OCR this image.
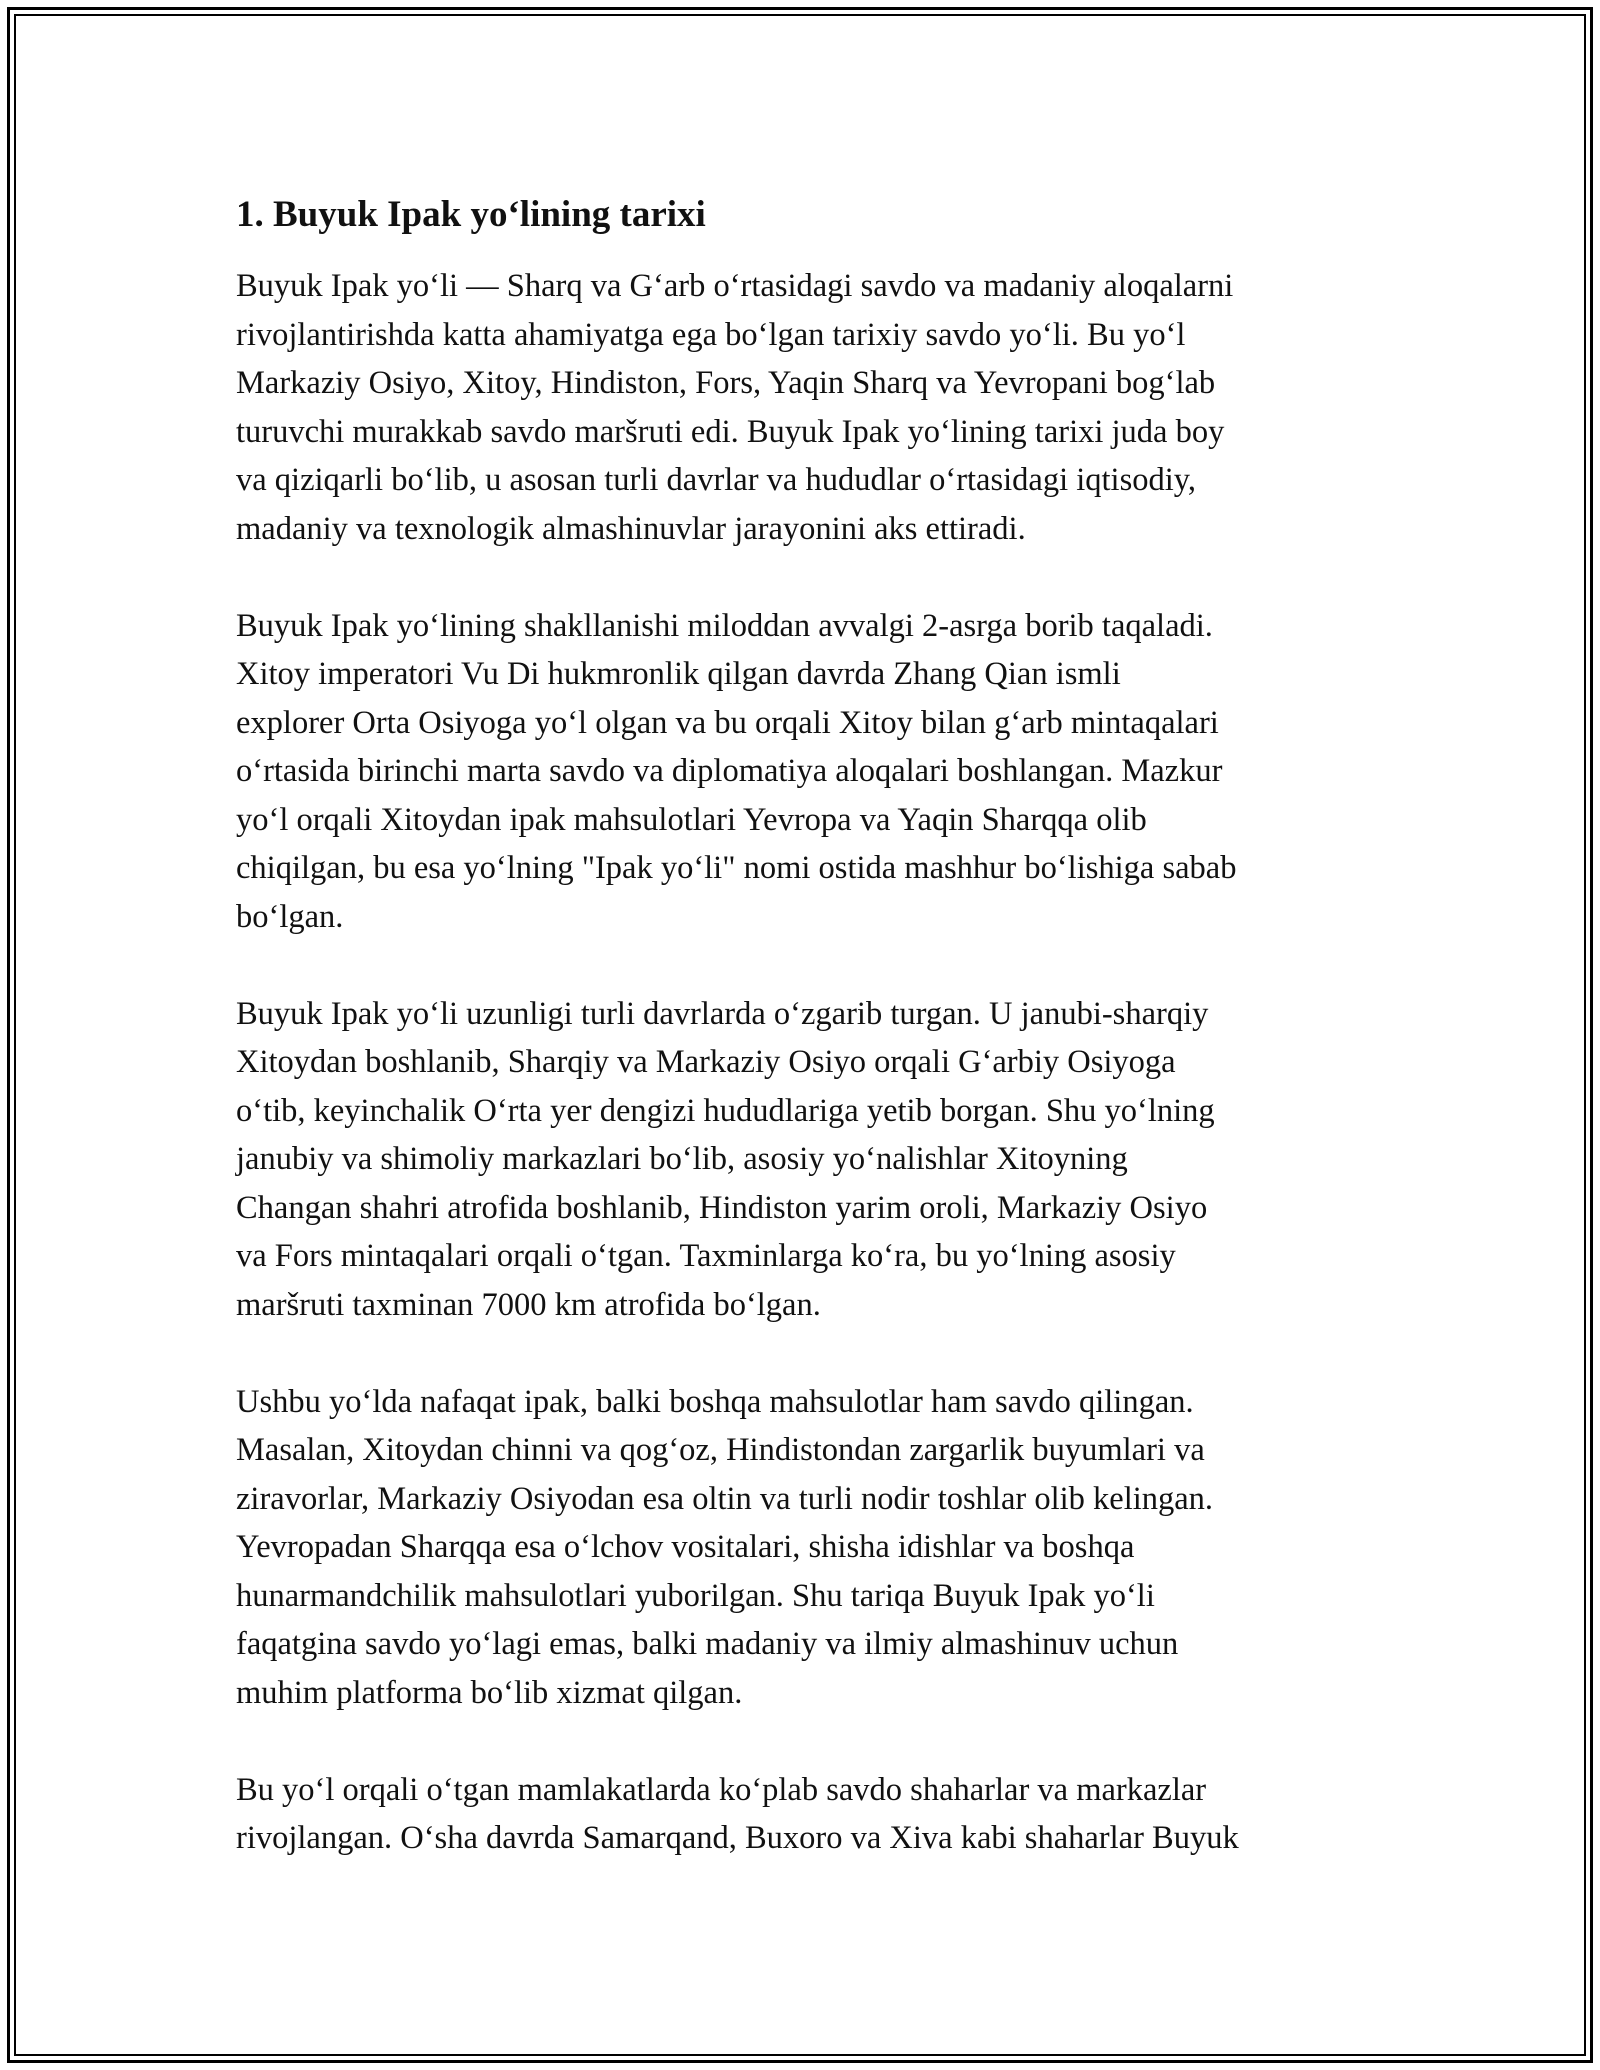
1. Buyuk Ipak yo‘lining tarixi

Buyuk Ipak yo‘li — Sharq va G‘arb o‘rtasidagi savdo va madaniy aloqalarni
rivojlantirishda katta ahamiyatga ega bo‘lgan tarixiy savdo yo‘li. Bu yo‘l
Markaziy Osiyo, Xitoy, Hindiston, Fors, Yaqin Sharq va Yevropani bog‘lab
turuvchi murakkab savdo maršruti edi. Buyuk Ipak yo‘lining tarixi juda boy
va qiziqarli bo‘lib, u asosan turli davrlar va hududlar o‘rtasidagi iqtisodiy,
madaniy va texnologik almashinuvlar jarayonini aks ettiradi.

Buyuk Ipak yo‘lining shakllanishi miloddan avvalgi 2-asrga borib taqaladi.
Xitoy imperatori Vu Di hukmronlik qilgan davrda Zhang Qian ismli
explorer Orta Osiyoga yo‘l olgan va bu orqali Xitoy bilan g‘arb mintaqalari
o‘rtasida birinchi marta savdo va diplomatiya aloqalari boshlangan. Mazkur
yo‘l orqali Xitoydan ipak mahsulotlari Yevropa va Yaqin Sharqqa olib
chiqilgan, bu esa yo‘lning "Ipak yo‘li" nomi ostida mashhur bo‘lishiga sabab
bo‘lgan.

Buyuk Ipak yo‘li uzunligi turli davrlarda o‘zgarib turgan. U janubi-sharqiy
Xitoydan boshlanib, Sharqiy va Markaziy Osiyo orqali G‘arbiy Osiyoga
o‘tib, keyinchalik O‘rta yer dengizi hududlariga yetib borgan. Shu yo‘lning
janubiy va shimoliy markazlari bo‘lib, asosiy yo‘nalishlar Xitoyning
Changan shahri atrofida boshlanib, Hindiston yarim oroli, Markaziy Osiyo
va Fors mintaqalari orqali o‘tgan. Taxminlarga ko‘ra, bu yo‘lning asosiy
maršruti taxminan 7000 km atrofida bo‘lgan.

Ushbu yo‘lda nafaqat ipak, balki boshqa mahsulotlar ham savdo qilingan.
Masalan, Xitoydan chinni va qog‘oz, Hindistondan zargarlik buyumlari va
ziravorlar, Markaziy Osiyodan esa oltin va turli nodir toshlar olib kelingan.
Yevropadan Sharqqa esa o‘lchov vositalari, shisha idishlar va boshqa
hunarmandchilik mahsulotlari yuborilgan. Shu tariqa Buyuk Ipak yo‘li
faqatgina savdo yo‘lagi emas, balki madaniy va ilmiy almashinuv uchun
muhim platforma bo‘lib xizmat qilgan.

Bu yo‘l orqali o‘tgan mamlakatlarda ko‘plab savdo shaharlar va markazlar
rivojlangan. O‘sha davrda Samarqand, Buxoro va Xiva kabi shaharlar Buyuk
